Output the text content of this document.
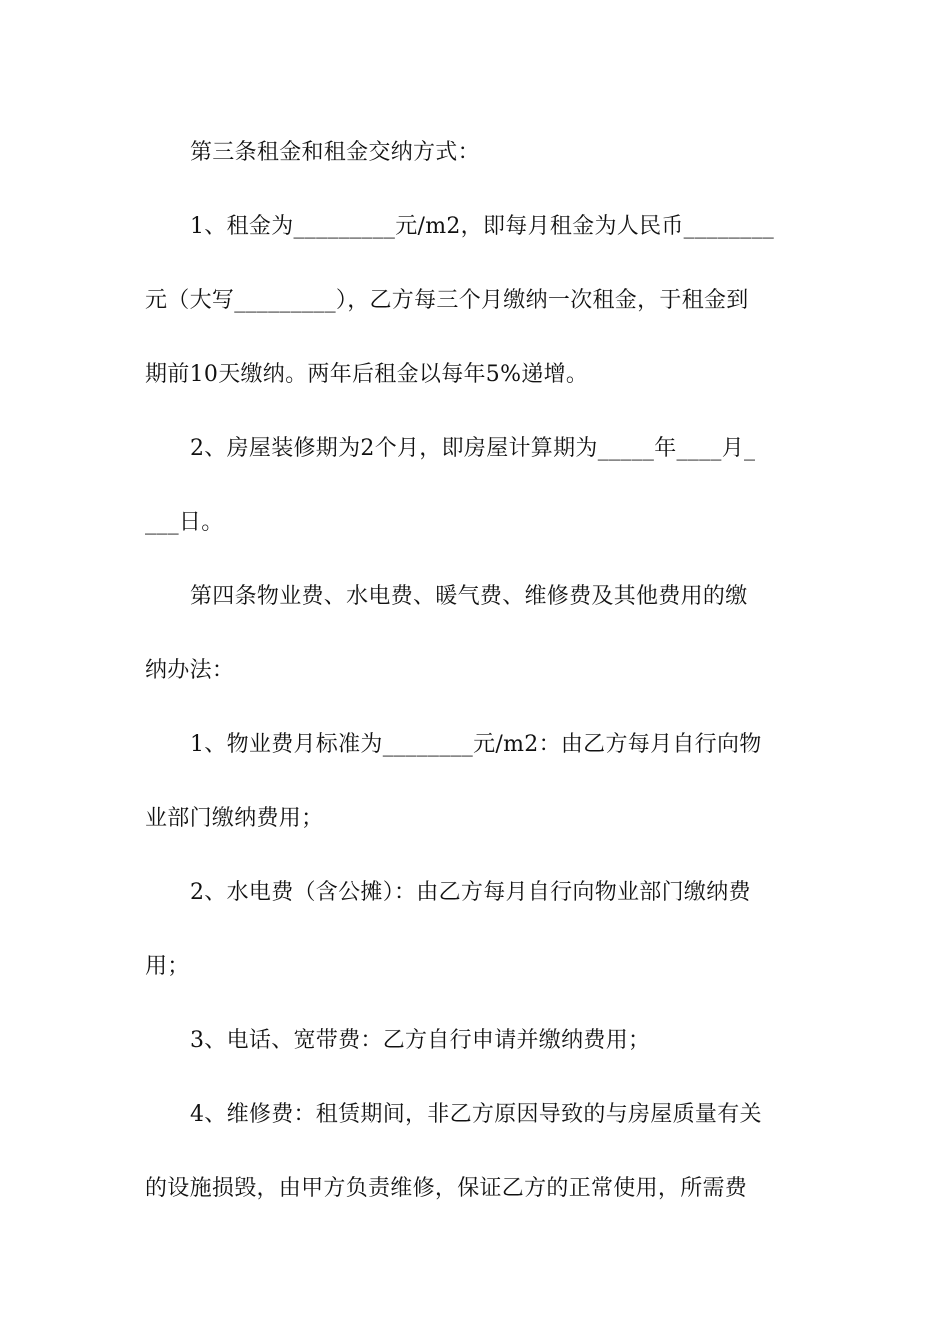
第三条租金和租金交纳方式：
1、租金为_________元/m2，即每月租金为人民币________
元（大写_________），乙方每三个月缴纳一次租金，于租金到
期前10天缴纳。两年后租金以每年5%递增。
2、房屋装修期为2个月，即房屋计算期为_____年____月_
___日。
第四条物业费、水电费、暖气费、维修费及其他费用的缴
纳办法：
1、物业费月标准为________元/m2：由乙方每月自行向物
业部门缴纳费用；
2、水电费（含公摊）：由乙方每月自行向物业部门缴纳费
用；
3、电话、宽带费：乙方自行申请并缴纳费用；
4、维修费：租赁期间，非乙方原因导致的与房屋质量有关
的设施损毁，由甲方负责维修，保证乙方的正常使用，所需费
